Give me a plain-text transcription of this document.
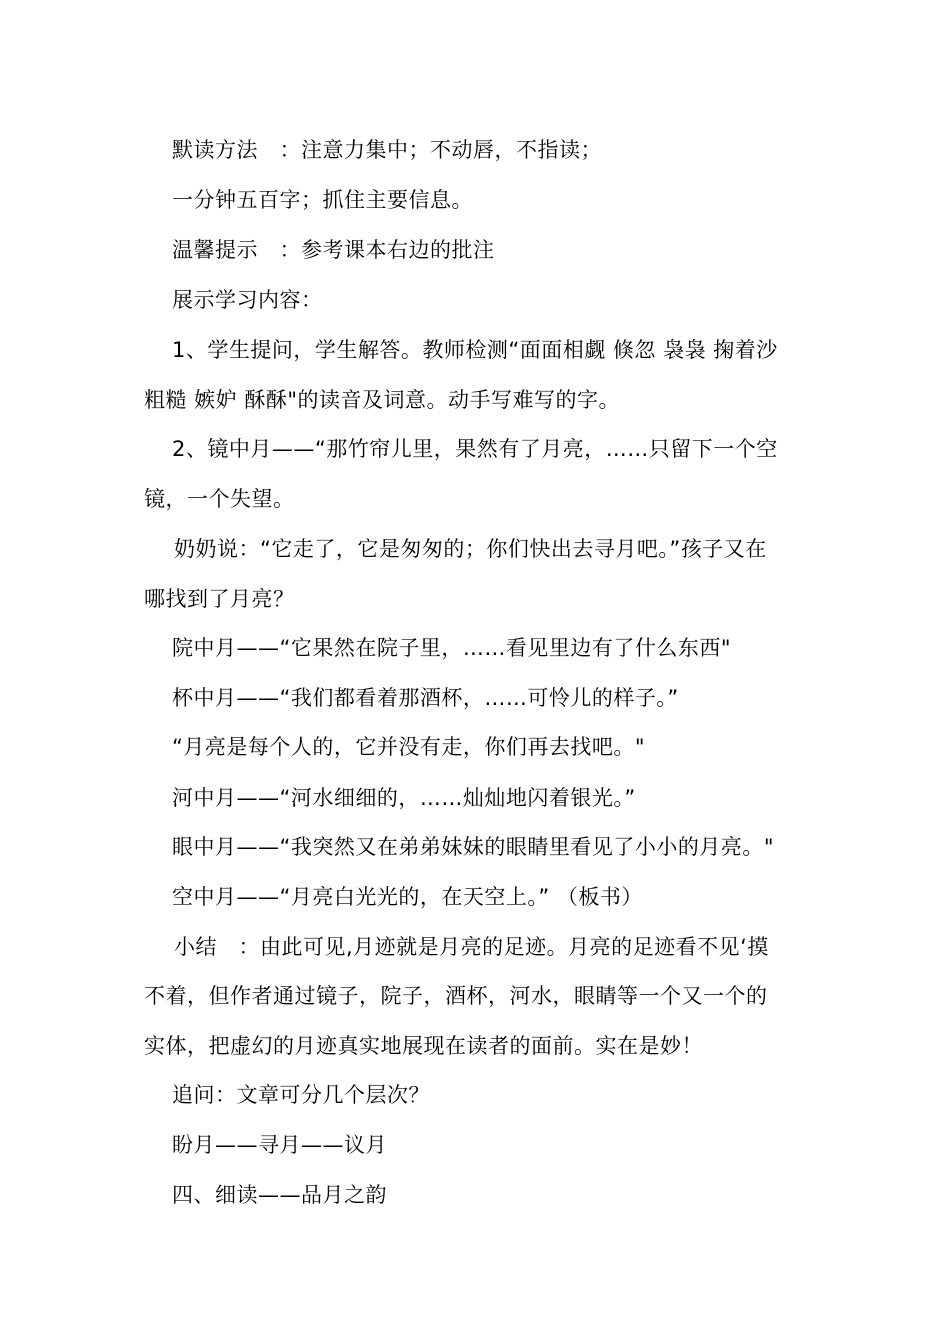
默读方法　：注意力集中；不动唇，不指读；
一分钟五百字；抓住主要信息。
温馨提示　：参考课本右边的批注
展示学习内容：
1、学生提问，学生解答。教师检测“面面相觑 倏忽 袅袅 掬着沙
粗糙 嫉妒 酥酥"的读音及词意。动手写难写的字。
2、镜中月——“那竹帘儿里，果然有了月亮，……只留下一个空
镜，一个失望。
奶奶说：“它走了，它是匆匆的；你们快出去寻月吧。”孩子又在
哪找到了月亮？
院中月——“它果然在院子里，……看见里边有了什么东西"
杯中月——“我们都看着那酒杯，……可怜儿的样子。”
“月亮是每个人的，它并没有走，你们再去找吧。"
河中月——“河水细细的，……灿灿地闪着银光。”
眼中月——“我突然又在弟弟妹妹的眼睛里看见了小小的月亮。"
空中月——“月亮白光光的，在天空上。” （板书）
小结　：由此可见,月迹就是月亮的足迹。月亮的足迹看不见‘摸
不着，但作者通过镜子，院子，酒杯，河水，眼睛等一个又一个的
实体，把虚幻的月迹真实地展现在读者的面前。实在是妙！
追问：文章可分几个层次？
盼月——寻月——议月
四、细读——品月之韵
